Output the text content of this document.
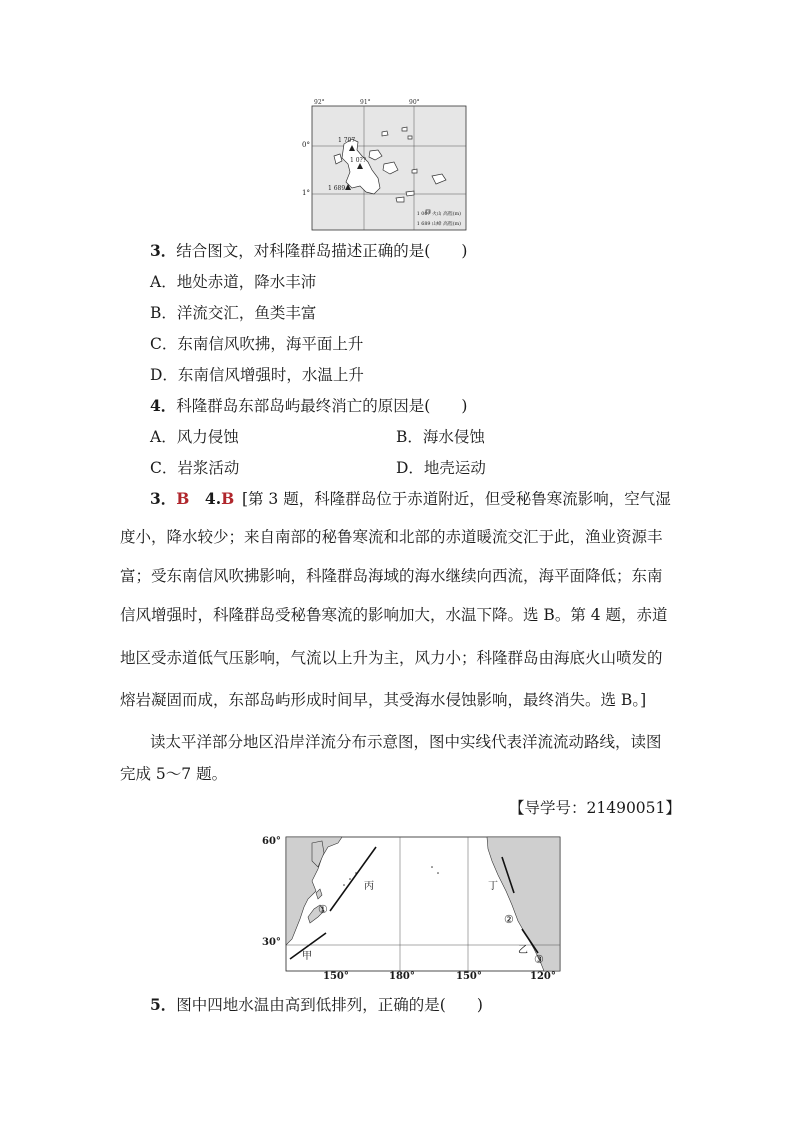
92°	91°	90°
1 707
1 0??
1 689
1 067 火山 高程(m)
1 689 山峰 高程(m)
0°
1°
3．结合图文，对科隆群岛描述正确的是(　　)
A．地处赤道，降水丰沛
B．洋流交汇，鱼类丰富
C．东南信风吹拂，海平面上升
D．东南信风增强时，水温上升
4．科隆群岛东部岛屿最终消亡的原因是(　　)
A．风力侵蚀	B．海水侵蚀
C．岩浆活动	D．地壳运动
3．B  4.B  [第 3 题，科隆群岛位于赤道附近，但受秘鲁寒流影响，空气湿
度小，降水较少；来自南部的秘鲁寒流和北部的赤道暖流交汇于此，渔业资源丰
富；受东南信风吹拂影响，科隆群岛海域的海水继续向西流，海平面降低；东南
信风增强时，科隆群岛受秘鲁寒流的影响加大，水温下降。选 B。第 4 题，赤道
地区受赤道低气压影响，气流以上升为主，风力小；科隆群岛由海底火山喷发的
熔岩凝固而成，东部岛屿形成时间早，其受海水侵蚀影响，最终消失。选 B。]
读太平洋部分地区沿岸洋流分布示意图，图中实线代表洋流流动路线，读图
完成 5～7 题。
【导学号：21490051】
丙	丁
甲
乙
①
②
③
60°
30°
150°	180°	150°	120°
5．图中四地水温由高到低排列，正确的是(　　)
